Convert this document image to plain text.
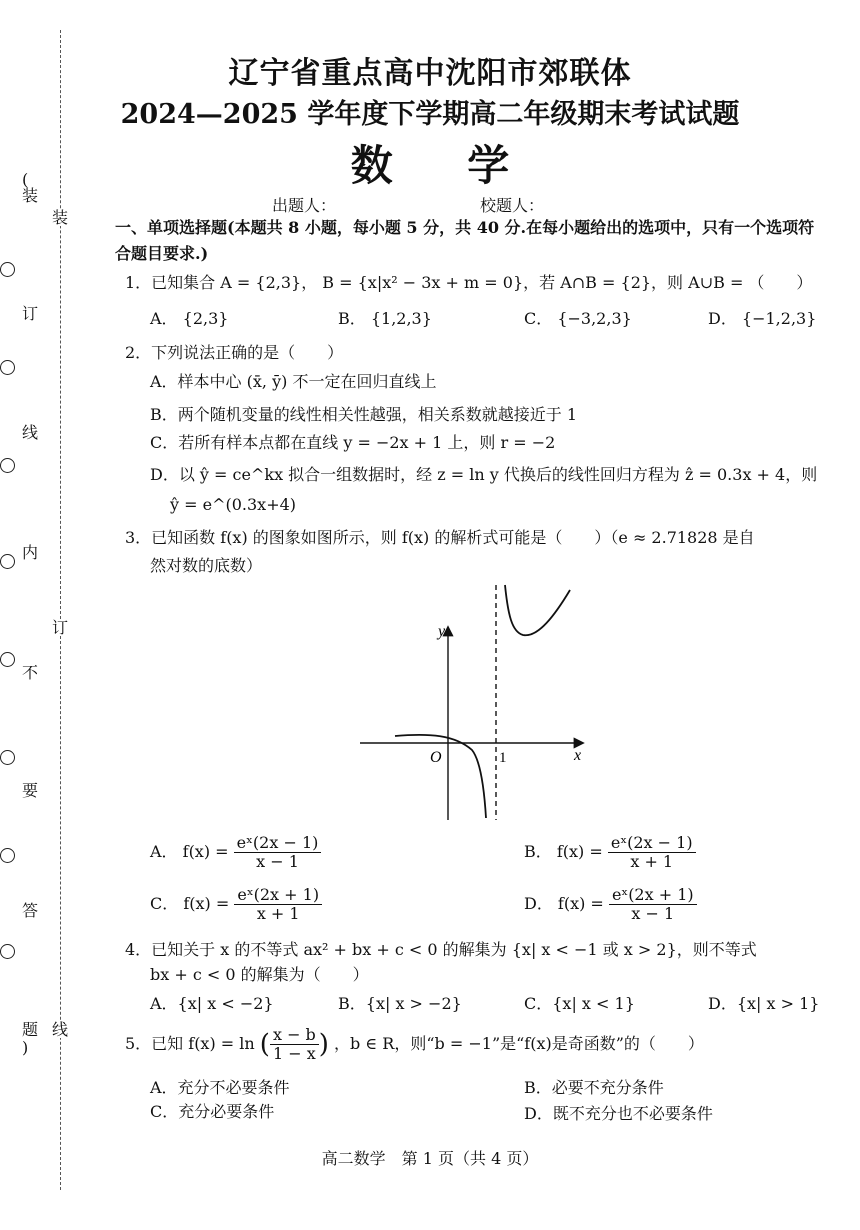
(
装
订
线
内
不
要
答
题
)
装
订
线
辽宁省重点高中沈阳市郊联体
2024—2025 学年度下学期高二年级期末考试试题
数 学
出题人：	校题人：
一、单项选择题(本题共 8 小题，每小题 5 分，共 40 分.在每小题给出的选项中，只有一个选项符合题目要求.)
1．已知集合 A = {2,3}， B = {x|x² − 3x + m = 0}，若 A∩B = {2}，则 A∪B = （　　）
A． {2,3}	B． {1,2,3}	C． {−3,2,3}	D． {−1,2,3}
2．下列说法正确的是（　　）
A．样本中心 (x̄, ȳ) 不一定在回归直线上
B．两个随机变量的线性相关性越强，相关系数就越接近于 1
C．若所有样本点都在直线 y = −2x + 1 上，则 r = −2
D．以 ŷ = ce^kx 拟合一组数据时，经 z = ln y 代换后的线性回归方程为 ẑ = 0.3x + 4，则
ŷ = e^(0.3x+4)
3．已知函数 f(x) 的图象如图所示，则 f(x) 的解析式可能是（　　）（e ≈ 2.71828 是自
然对数的底数）
y
x
O	1
A． $f(x) = \frac{\text{eˣ(2x − 1)}}{x - 1}$	B． $f(x) = \frac{\text{eˣ(2x − 1)}}{x + 1}$
C． $f(x) = \frac{\text{eˣ(2x + 1)}}{x + 1}$	D． $f(x) = \frac{\text{eˣ(2x + 1)}}{x - 1}$
4．已知关于 x 的不等式 ax² + bx + c < 0 的解集为 {x| x < −1 或 x > 2}，则不等式
bx + c < 0 的解集为（　　）
A．{x| x < −2}	B．{x| x > −2}	C．{x| x < 1}	D．{x| x > 1}
5．已知 f(x) = ln ( $\frac{x - b}{1 - x}$ ) ，b ∈ R，则“b = −1”是“f(x)是奇函数”的（　　）
A．充分不必要条件	B．必要不充分条件
C．充分必要条件	D．既不充分也不必要条件
高二数学　第 1 页（共 4 页）
